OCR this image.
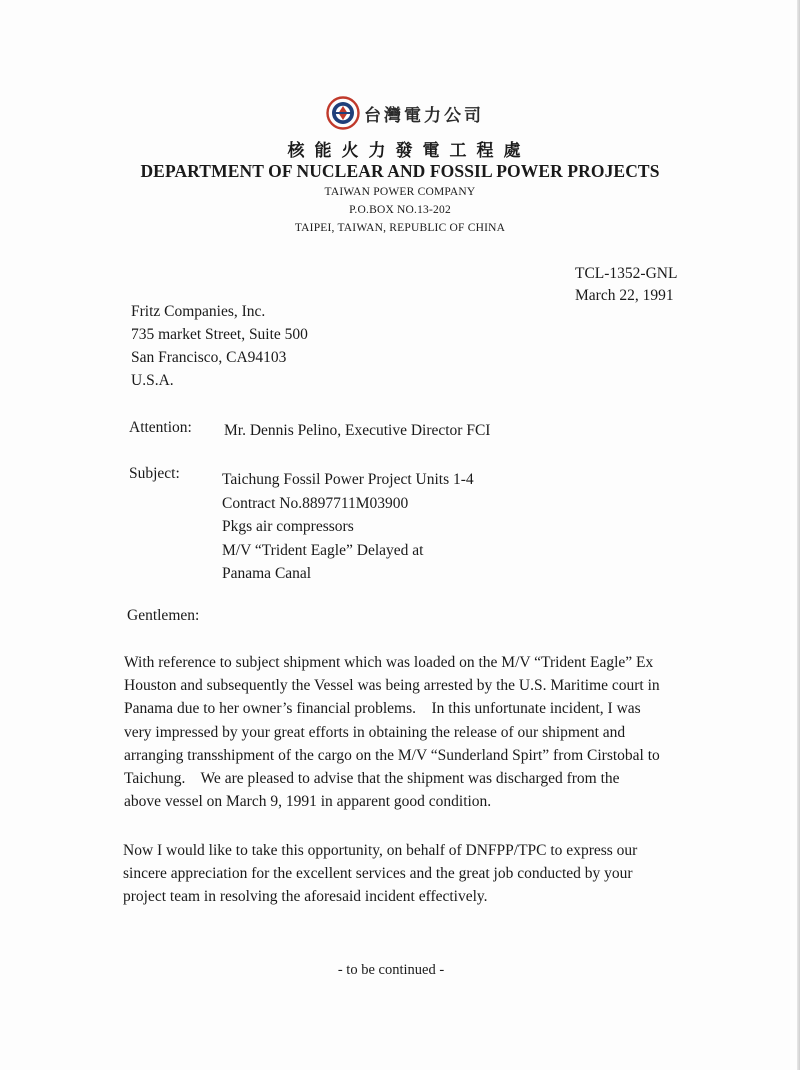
台灣電力公司
核能火力發電工程處
DEPARTMENT OF NUCLEAR AND FOSSIL POWER PROJECTS
TAIWAN POWER COMPANY
P.O.BOX NO.13-202
TAIPEI, TAIWAN, REPUBLIC OF CHINA
TCL-1352-GNL
March 22, 1991
Fritz Companies, Inc.
735 market Street, Suite 500
San Francisco, CA94103
U.S.A.
Attention: Mr. Dennis Pelino, Executive Director FCI
Subject:	Taichung Fossil Power Project Units 1-4
Contract No.8897711M03900
Pkgs air compressors
M/V “Trident Eagle” Delayed at
Panama Canal
Gentlemen:
With reference to subject shipment which was loaded on the M/V “Trident Eagle” Ex
Houston and subsequently the Vessel was being arrested by the U.S. Maritime court in
Panama due to her owner’s financial problems.    In this unfortunate incident, I was
very impressed by your great efforts in obtaining the release of our shipment and
arranging transshipment of the cargo on the M/V “Sunderland Spirt” from Cirstobal to
Taichung.    We are pleased to advise that the shipment was discharged from the
above vessel on March 9, 1991 in apparent good condition.
Now I would like to take this opportunity, on behalf of DNFPP/TPC to express our
sincere appreciation for the excellent services and the great job conducted by your
project team in resolving the aforesaid incident effectively.
- to be continued -
